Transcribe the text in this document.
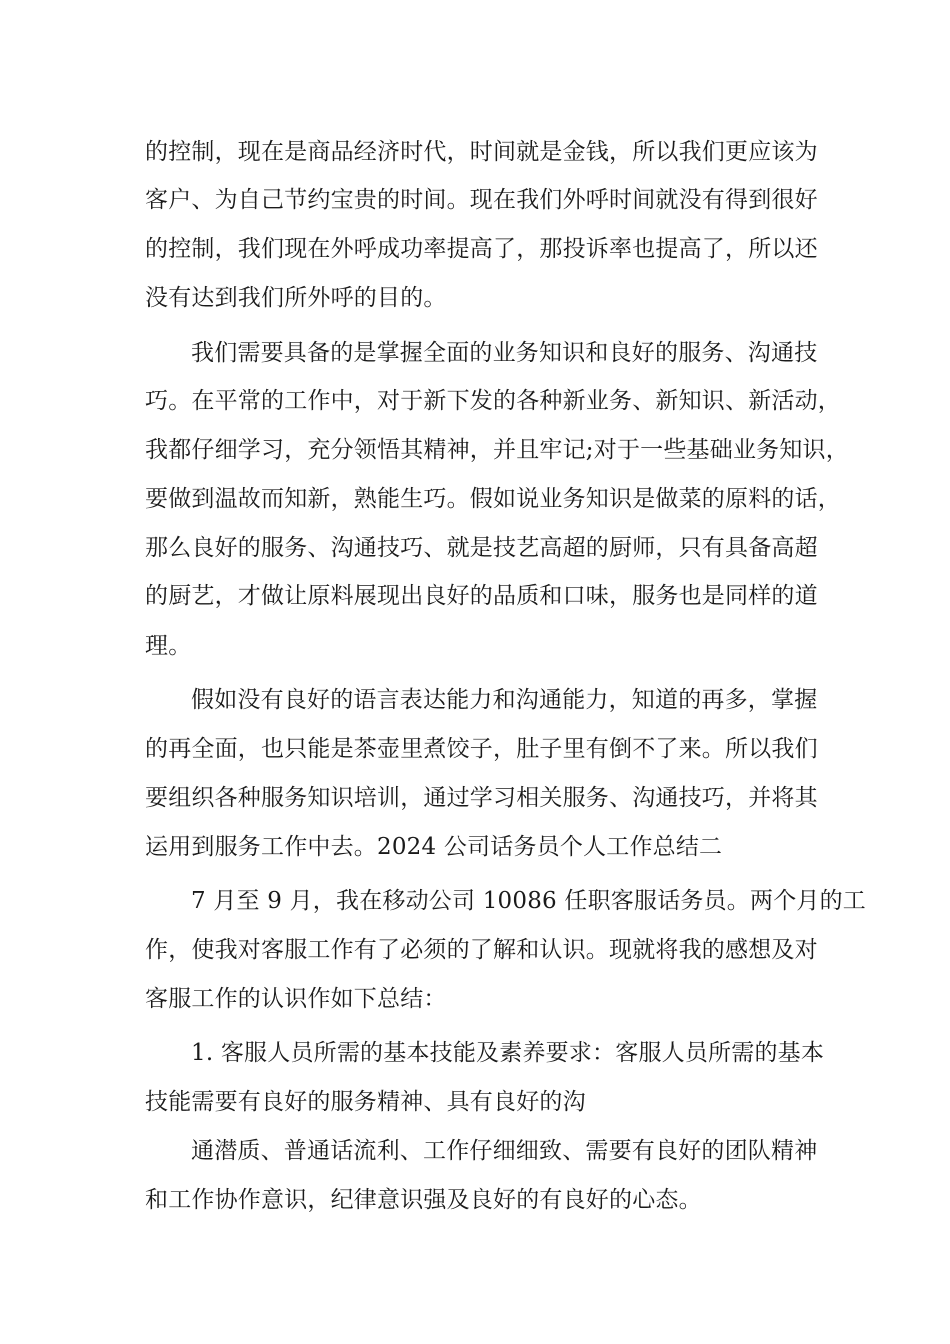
的控制，现在是商品经济时代，时间就是金钱，所以我们更应该为
客户、为自己节约宝贵的时间。现在我们外呼时间就没有得到很好
的控制，我们现在外呼成功率提高了，那投诉率也提高了，所以还
没有达到我们所外呼的目的。
我们需要具备的是掌握全面的业务知识和良好的服务、沟通技
巧。在平常的工作中，对于新下发的各种新业务、新知识、新活动，
我都仔细学习，充分领悟其精神，并且牢记;对于一些基础业务知识，
要做到温故而知新，熟能生巧。假如说业务知识是做菜的原料的话，
那么良好的服务、沟通技巧、就是技艺高超的厨师，只有具备高超
的厨艺，才做让原料展现出良好的品质和口味，服务也是同样的道
理。
假如没有良好的语言表达能力和沟通能力，知道的再多，掌握
的再全面，也只能是茶壶里煮饺子，肚子里有倒不了来。所以我们
要组织各种服务知识培训，通过学习相关服务、沟通技巧，并将其
运用到服务工作中去。2024 公司话务员个人工作总结二
7 月至 9 月，我在移动公司 10086 任职客服话务员。两个月的工
作，使我对客服工作有了必须的了解和认识。现就将我的感想及对
客服工作的认识作如下总结：
1. 客服人员所需的基本技能及素养要求：客服人员所需的基本
技能需要有良好的服务精神、具有良好的沟
通潜质、普通话流利、工作仔细细致、需要有良好的团队精神
和工作协作意识，纪律意识强及良好的有良好的心态。
